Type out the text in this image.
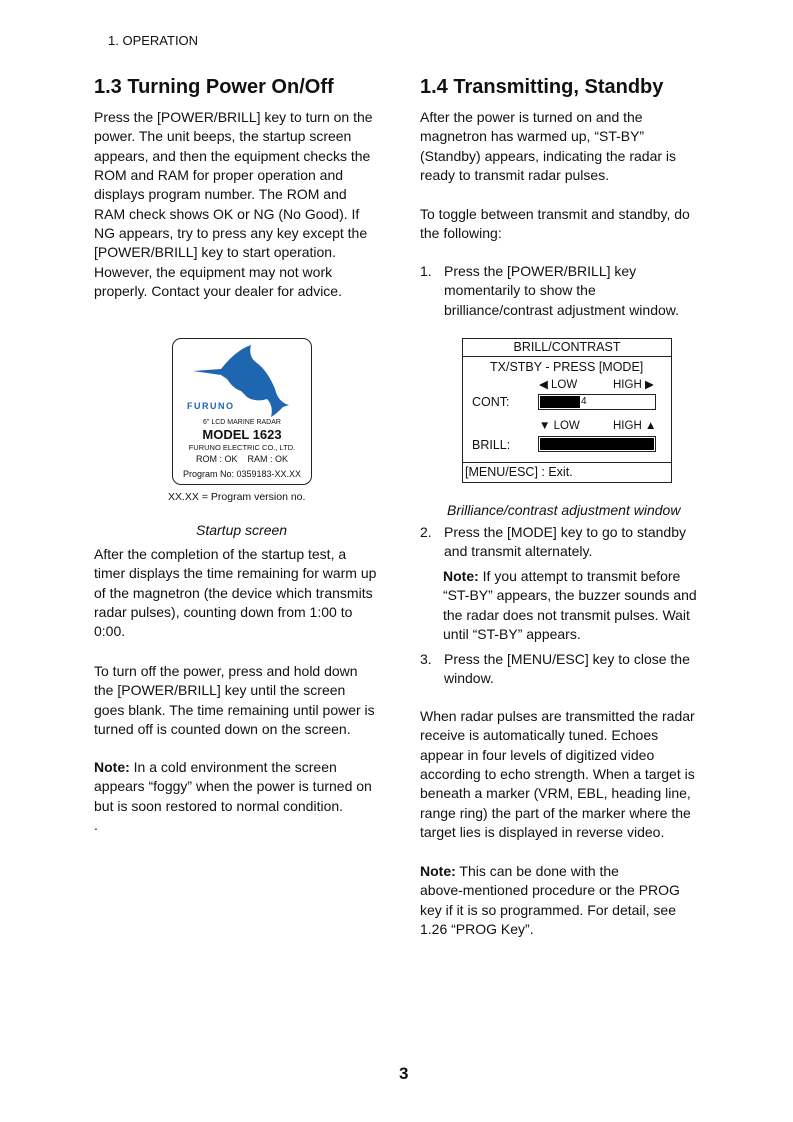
1. OPERATION
1.3 Turning Power On/Off	1.4 Transmitting, Standby
Press the [POWER/BRILL] key to turn on the
power. The unit beeps, the startup screen
appears, and then the equipment checks the
ROM and RAM for proper operation and
displays program number. The ROM and
RAM check shows OK or NG (No Good). If
NG appears, try to press any key except the
[POWER/BRILL] key to start operation.
However, the equipment may not work
properly. Contact your dealer for advice.
FURUNO
6" LCD MARINE RADAR
MODEL 1623
FURUNO ELECTRIC CO., LTD.
ROM : OK RAM : OK
Program No: 0359183-XX.XX
XX.XX = Program version no.
Startup screen
After the completion of the startup test, a
timer displays the time remaining for warm up
of the magnetron (the device which transmits
radar pulses), counting down from 1:00 to
0:00.
To turn off the power, press and hold down
the [POWER/BRILL] key until the screen
goes blank. The time remaining until power is
turned off is counted down on the screen.
Note: In a cold environment the screen
appears “foggy” when the power is turned on
but is soon restored to normal condition.
.
After the power is turned on and the
magnetron has warmed up, “ST-BY”
(Standby) appears, indicating the radar is
ready to transmit radar pulses.
To toggle between transmit and standby, do
the following:
1. Press the [POWER/BRILL] key
momentarily to show the
brilliance/contrast adjustment window.
BRILL/CONTRAST
TX/STBY - PRESS [MODE]
◀ LOW	HIGH ▶
CONT:	4
▼ LOW	HIGH ▲
BRILL:
[MENU/ESC] : Exit.
Brilliance/contrast adjustment window
2. Press the [MODE] key to go to standby
and transmit alternately.
Note: If you attempt to transmit before
“ST-BY” appears, the buzzer sounds and
the radar does not transmit pulses. Wait
until “ST-BY” appears.
3. Press the [MENU/ESC] key to close the
window.
When radar pulses are transmitted the radar
receive is automatically tuned. Echoes
appear in four levels of digitized video
according to echo strength. When a target is
beneath a marker (VRM, EBL, heading line,
range ring) the part of the marker where the
target lies is displayed in reverse video.
Note: This can be done with the
above-mentioned procedure or the PROG
key if it is so programmed. For detail, see
1.26 “PROG Key”.
3
